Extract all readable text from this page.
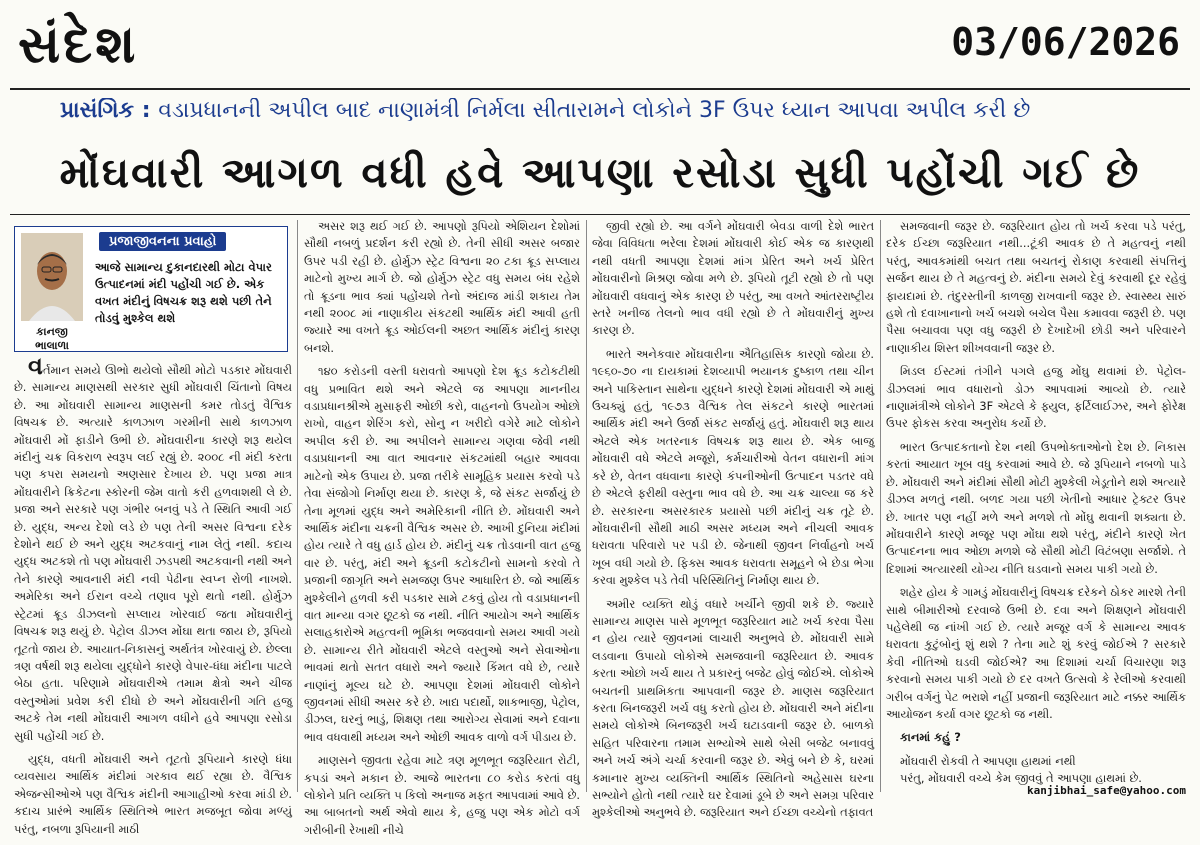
સંદેશ	03/06/2026
પ્રાસંગિક : વડાપ્રધાનની અપીલ બાદ નાણામંત્રી નિર્મલા સીતારામને લોકોને 3F ઉપર ધ્યાન આપવા અપીલ કરી છે
મોંઘવારી આગળ વધી હવે આપણા રસોડા સુધી પહોંચી ગઈ છે
કાનજી ભાલાળા
પ્રજાજીવનના પ્રવાહો
આજે સામાન્ય દુકાનદારથી મોટા વેપાર ઉત્પાદનમાં મંદી પહોંચી ગઈ છે. એક વખત મંદીનું વિષચક્ર શરૂ થશે પછી તેને તોડવું મુશ્કેલ થશે

વર્તમાન સમયે ઊભો થયેલો સૌથી મોટો પડકાર મોંઘવારી છે. સામાન્ય માણસથી સરકાર સુધી મોંઘવારી ચિંતાનો વિષય છે. આ મોંઘવારી સામાન્ય માણસની કમર તોડતું વૈશ્વિક વિષચક્ર છે. અત્યારે કાળઝાળ ગરમીની સાથે કાળઝાળ મોંઘવારી મોં ફાડીને ઉભી છે. મોંઘવારીના કારણે શરૂ થયેલ મંદીનું ચક્ર વિકરાળ સ્વરૂપ લઈ રહ્યું છે. ૨૦૦૮ ની મંદી કરતા પણ કપરા સમયનો અણસાર દેખાય છે. પણ પ્રજા માત્ર મોંઘવારીને ક્રિકેટના સ્કોરની જેમ વાતો કરી હળવાશથી લે છે. પ્રજા અને સરકારે પણ ગંભીર બનવું પડે તે સ્થિતિ આવી ગઈ છે. યુદ્ધ, અન્ય દેશો લડે છે પણ તેની અસર વિશ્વના દરેક દેશોને થઈ છે અને યુદ્ધ અટકવાનું નામ લેતું નથી. કદાચ યુદ્ધ અટકશે તો પણ મોંઘવારી ઝડપથી અટકવાની નથી અને તેને કારણે આવનારી મંદી નવી પેઢીના સ્વપ્ન રોળી નાખશે. અમેરિકા અને ઈરાન વચ્ચે તણાવ પૂરો થતો નથી. હોર્મુઝ સ્ટ્રેટમાં ક્રૂડ ડીઝલનો સપ્લાય ખોરવાઈ જતા મોંઘવારીનું વિષચક્ર શરૂ થયું છે. પેટ્રોલ ડીઝલ મોંઘા થતા જાય છે, રૂપિયો તૂટતો જાય છે. આયાત-નિકાસનું અર્થતંત્ર ખોરવાયું છે. છેલ્લા ત્રણ વર્ષથી શરૂ થયેલા યુદ્ધોને કારણે વેપાર-ધંધા મંદીના પાટલે બેઠા હતા. પરિણામે મોંઘવારીએ તમામ ક્ષેત્રો અને ચીજ વસ્તુઓમાં પ્રવેશ કરી દીધો છે અને મોંઘવારીની ગતિ હજુ અટકે તેમ નથી મોંઘવારી આગળ વધીને હવે આપણા રસોડા સુધી પહોંચી ગઈ છે.

યુદ્ધ, વધતી મોંઘવારી અને તૂટતો રૂપિયાને કારણે ધંધા વ્યવસાય આર્થિક મંદીમાં ગરકાવ થઈ રહ્યા છે. વૈશ્વિક એજન્સીઓએ પણ વૈશ્વિક મંદીની આગાહીઓ કરવા માંડી છે. કદાચ પ્રારંભે આર્થિક સ્થિતિએ ભારત મજબૂત જોવા મળ્યું પરંતુ, નબળા રૂપિયાની માઠી

અસર શરૂ થઈ ગઈ છે. આપણો રૂપિયો એશિયન દેશોમાં સૌથી નબળું પ્રદર્શન કરી રહ્યો છે. તેની સીધી અસર બજાર ઉપર પડી રહી છે. હોર્મુઝ સ્ટ્રેટ વિશ્વના ૨૦ ટકા ક્રૂડ સપ્લાય માટેનો મુખ્ય માર્ગ છે. જો હોર્મુઝ સ્ટ્રેટ વધુ સમય બંધ રહેશે તો ક્રૂડના ભાવ ક્યાં પહોંચશે તેનો અંદાજ માંડી શકાય તેમ નથી ૨૦૦૮ માં નાણાકીય સંકટથી આર્થિક મંદી આવી હતી જ્યારે આ વખતે ક્રૂડ ઓઈલની અછત આર્થિક મંદીનું કારણ બનશે.

૧૪૦ કરોડની વસ્તી ધરાવતો આપણો દેશ ક્રૂડ કટોકટીથી વધુ પ્રભાવિત થશે અને એટલે જ આપણા માનનીય વડાપ્રધાનશ્રીએ મુસાફરી ઓછી કરો, વાહનનો ઉપયોગ ઓછો રાખો, વાહન શેરિંગ કરો, સોનુ ન ખરીદો વગેરે માટે લોકોને અપીલ કરી છે. આ અપીલને સામાન્ય ગણવા જેવી નથી વડાપ્રધાનની આ વાત આવનાર સંકટમાંથી બહાર આવવા માટેનો એક ઉપાય છે. પ્રજા તરીકે સામૂહિક પ્રયાસ કરવો પડે તેવા સંજોગો નિર્માણ થયા છે. કારણ કે, જે સંકટ સર્જાયું છે તેના મૂળમાં યુદ્ધ અને અમેરિકાની નીતિ છે. મોંઘવારી અને આર્થિક મંદીના ચક્રની વૈશ્વિક અસર છે. આખી દુનિયા મંદીમાં હોય ત્યારે તે વધુ હાર્ડ હોય છે. મંદીનું ચક્ર તોડવાની વાત હજુ વાર છે. પરંતુ, મંદી અને ક્રૂડની કટોકટીનો સામનો કરવો તે પ્રજાની જાગૃતિ અને સમજણ ઉપર આધારિત છે. જો આર્થિક મુશ્કેલીને હળવી કરી પડકાર સામે ટકવું હોય તો વડાપ્રધાનની વાત માન્યા વગર છૂટકો જ નથી. નીતિ આયોગ અને આર્થિક સલાહકારોએ મહત્વની ભૂમિકા ભજવવાનો સમય આવી ગયો છે. સામાન્ય રીતે મોંઘવારી એટલે વસ્તુઓ અને સેવાઓના ભાવમાં થતો સતત વધારો અને જ્યારે કિંમત વધે છે, ત્યારે નાણાંનું મૂલ્ય ઘટે છે. આપણા દેશમાં મોંઘવારી લોકોને જીવનમાં સીધી અસર કરે છે. ખાદ્ય પદાર્થો, શાકભાજી, પેટ્રોલ, ડીઝલ, ઘરનું ભાડું, શિક્ષણ તથા આરોગ્ય સેવામાં અને દવાના ભાવ વધવાથી મધ્યમ અને ઓછી આવક વાળો વર્ગ પીડાય છે.

માણસને જીવતા રહેવા માટે ત્રણ મૂળભૂત જરૂરિયાત રોટી, કપડાં અને મકાન છે. આજે ભારતના ૮૦ કરોડ કરતાં વધુ લોકોને પ્રતિ વ્યક્તિ ૫ કિલો અનાજ મફત આપવામાં આવે છે. આ બાબતનો અર્થ એવો થાય કે, હજુ પણ એક મોટો વર્ગ ગરીબીની રેખાથી નીચે

જીવી રહ્યો છે. આ વર્ગને મોંઘવારી બેવડા વાળી દેશે ભારત જેવા વિવિધતા ભરેલા દેશમાં મોંઘવારી કોઈ એક જ કારણથી નથી વધતી આપણા દેશમાં માંગ પ્રેરિત અને ખર્ચ પ્રેરિત મોંઘવારીનો મિશ્રણ જોવા મળે છે. રૂપિયો તૂટી રહ્યો છે તો પણ મોંઘવારી વધવાનું એક કારણ છે પરંતુ, આ વખતે આંતરરાષ્ટ્રીય સ્તરે ખનીજ તેલનો ભાવ વધી રહ્યો છે તે મોંઘવારીનું મુખ્ય કારણ છે.

ભારતે અનેકવાર મોંઘવારીના ઐતિહાસિક કારણો જોયા છે. ૧૯૬૦-૭૦ ના દાયકામાં દેશવ્યાપી ભયાનક દુષ્કાળ તથા ચીન અને પાકિસ્તાન સાથેના યુદ્ધને કારણે દેશમાં મોંઘવારી એ માથું ઉચક્યું હતું, ૧૯૭૩ વૈશ્વિક તેલ સંકટને કારણે ભારતમાં આર્થિક મંદી અને ઉર્જા સંકટ સર્જાયું હતું. મોંઘવારી શરૂ થાય એટલે એક ખતરનાક વિષચક્ર શરૂ થાય છે. એક બાજુ મોંઘવારી વધે એટલે મજૂરો, કર્મચારીઓ વેતન વધારાની માંગ કરે છે, વેતન વધવાના કારણે કંપનીઓની ઉત્પાદન પડતર વધે છે એટલે ફરીથી વસ્તુના ભાવ વધે છે. આ ચક્ર ચાલ્યા જ કરે છે. સરકારના અસરકારક પ્રયાસો પછી મંદીનું ચક્ર તૂટે છે. મોંઘવારીની સૌથી માઠી અસર મધ્યમ અને નીચલી આવક ધરાવતા પરિવારો પર પડી છે. જેનાથી જીવન નિર્વાહનો ખર્ચ ખૂબ વધી ગયો છે. ફિક્સ આવક ધરાવતા સમૂહને બે છેડા ભેગા કરવા મુશ્કેલ પડે તેવી પરિસ્થિતિનું નિર્માણ થાય છે.

અમીર વ્યક્તિ થોડું વધારે ખર્ચીને જીવી શકે છે. જ્યારે સામાન્ય માણસ પાસે મૂળભૂત જરૂરિયાત માટે ખર્ચ કરવા પૈસા ન હોય ત્યારે જીવનમાં લાચારી અનુભવે છે. મોંઘવારી સામે લડવાના ઉપાયો લોકોએ સમજવાની જરૂરિયાત છે. આવક કરતા ઓછો ખર્ચ થાય તે પ્રકારનું બજેટ હોવું જોઈએ. લોકોએ બચતની પ્રાથમિકતા આપવાની જરૂર છે. માણસ જરૂરિયાત કરતા બિનજરૂરી ખર્ચ વધુ કરતો હોય છે. મોંઘવારી અને મંદીના સમયે લોકોએ બિનજરૂરી ખર્ચ ઘટાડવાની જરૂર છે. બાળકો સહિત પરિવારના તમામ સભ્યોએ સાથે બેસી બજેટ બનાવવું અને ખર્ચ અંગે ચર્ચા કરવાની જરૂર છે. એવું બને છે કે, ઘરમાં કમાનાર મુખ્ય વ્યક્તિની આર્થિક સ્થિતિનો અહેસાસ ઘરના સભ્યોને હોતો નથી ત્યારે ઘર દેવામાં ડૂબે છે અને સમગ્ર પરિવાર મુશ્કેલીઓ અનુભવે છે. જરૂરિયાત અને ઈચ્છા વચ્ચેનો તફાવત

સમજવાની જરૂર છે. જરૂરિયાત હોય તો ખર્ચ કરવા પડે પરંતુ, દરેક ઈચ્છા જરૂરિયાત નથી...ટૂંકી આવક છે તે મહત્વનું નથી પરંતુ, આવકમાંથી બચત તથા બચતનું રોકાણ કરવાથી સંપત્તિનું સર્જન થાય છે તે મહત્વનું છે. મંદીના સમયે દેવું કરવાથી દૂર રહેવું ફાયદામાં છે. તંદુરસ્તીની કાળજી રાખવાની જરૂર છે. સ્વાસ્થ્ય સારું હશે તો દવાખાનાનો ખર્ચ બચશે બચેલ પૈસા કમાવવા જરૂરી છે. પણ પૈસા બચાવવા પણ વધુ જરૂરી છે દેખાદેખી છોડી અને પરિવારને નાણાકીય શિસ્ત શીખવવાની જરૂર છે.

મિડલ ઈસ્ટમાં તંગીને પગલે હજુ મોંઘુ થવામાં છે. પેટ્રોલ-ડીઝલમાં ભાવ વધારાનો ડોઝ આપવામાં આવ્યો છે. ત્યારે નાણામંત્રીએ લોકોને 3F એટલે કે ફ્યુલ, ફર્ટિલાઈઝર, અને ફોરેક્ષ ઉપર ફોકસ કરવા અનુરોધ કર્યો છે.

ભારત ઉત્પાદકતાનો દેશ નથી ઉપભોક્તાઓનો દેશ છે. નિકાસ કરતાં આયાત ખૂબ વધુ કરવામાં આવે છે. જે રૂપિયાને નબળો પાડે છે. મોંઘવારી અને મંદીમાં સૌથી મોટી મુશ્કેલી ખેડૂતોને થશે અત્યારે ડીઝલ મળતું નથી. બળદ ગયા પછી ખેતીનો આધાર ટ્રેક્ટર ઉપર છે. ખાતર પણ નહીં મળે અને મળશે તો મોંઘુ થવાની શક્યતા છે. મોંઘવારીને કારણે મજૂર પણ મોંઘા થશે પરંતુ, મંદીને કારણે ખેત ઉત્પાદનના ભાવ ઓછા મળશે જે સૌથી મોટી વિટંબણા સર્જાશે. તે દિશામાં અત્યારથી યોગ્ય નીતિ ઘડવાનો સમય પાકી ગયો છે.

શહેર હોય કે ગામડું મોંઘવારીનું વિષચક્ર દરેકને ઠોકર મારશે તેની સાથે બીમારીઓ દરવાજે ઉભી છે. દવા અને શિક્ષણને મોંઘવારી પહેલેથી જ નાંખી ગઈ છે. ત્યારે મજૂર વર્ગ કે સામાન્ય આવક ધરાવતા કુટુંબોનું શું થશે ? તેના માટે શું કરવું જોઈએ ? સરકારે કેવી નીતિઓ ઘડવી જોઈએ? આ દિશામાં ચર્ચા વિચારણા શરૂ કરવાનો સમય પાકી ગયો છે દર વખતે ઉત્સવો કે રેલીઓ કરવાથી ગરીબ વર્ગનું પેટ ભરાશે નહીં પ્રજાની જરૂરિયાત માટે નક્કર આર્થિક આયોજન કર્યા વગર છૂટકો જ નથી.

કાનમાં કહું ?

મોંઘવારી રોકવી તે આપણા હાથમાં નથી

પરંતુ, મોંઘવારી વચ્ચે કેમ જીવવું તે આપણા હાથમાં છે.

kanjibhai_safe@yahoo.com
